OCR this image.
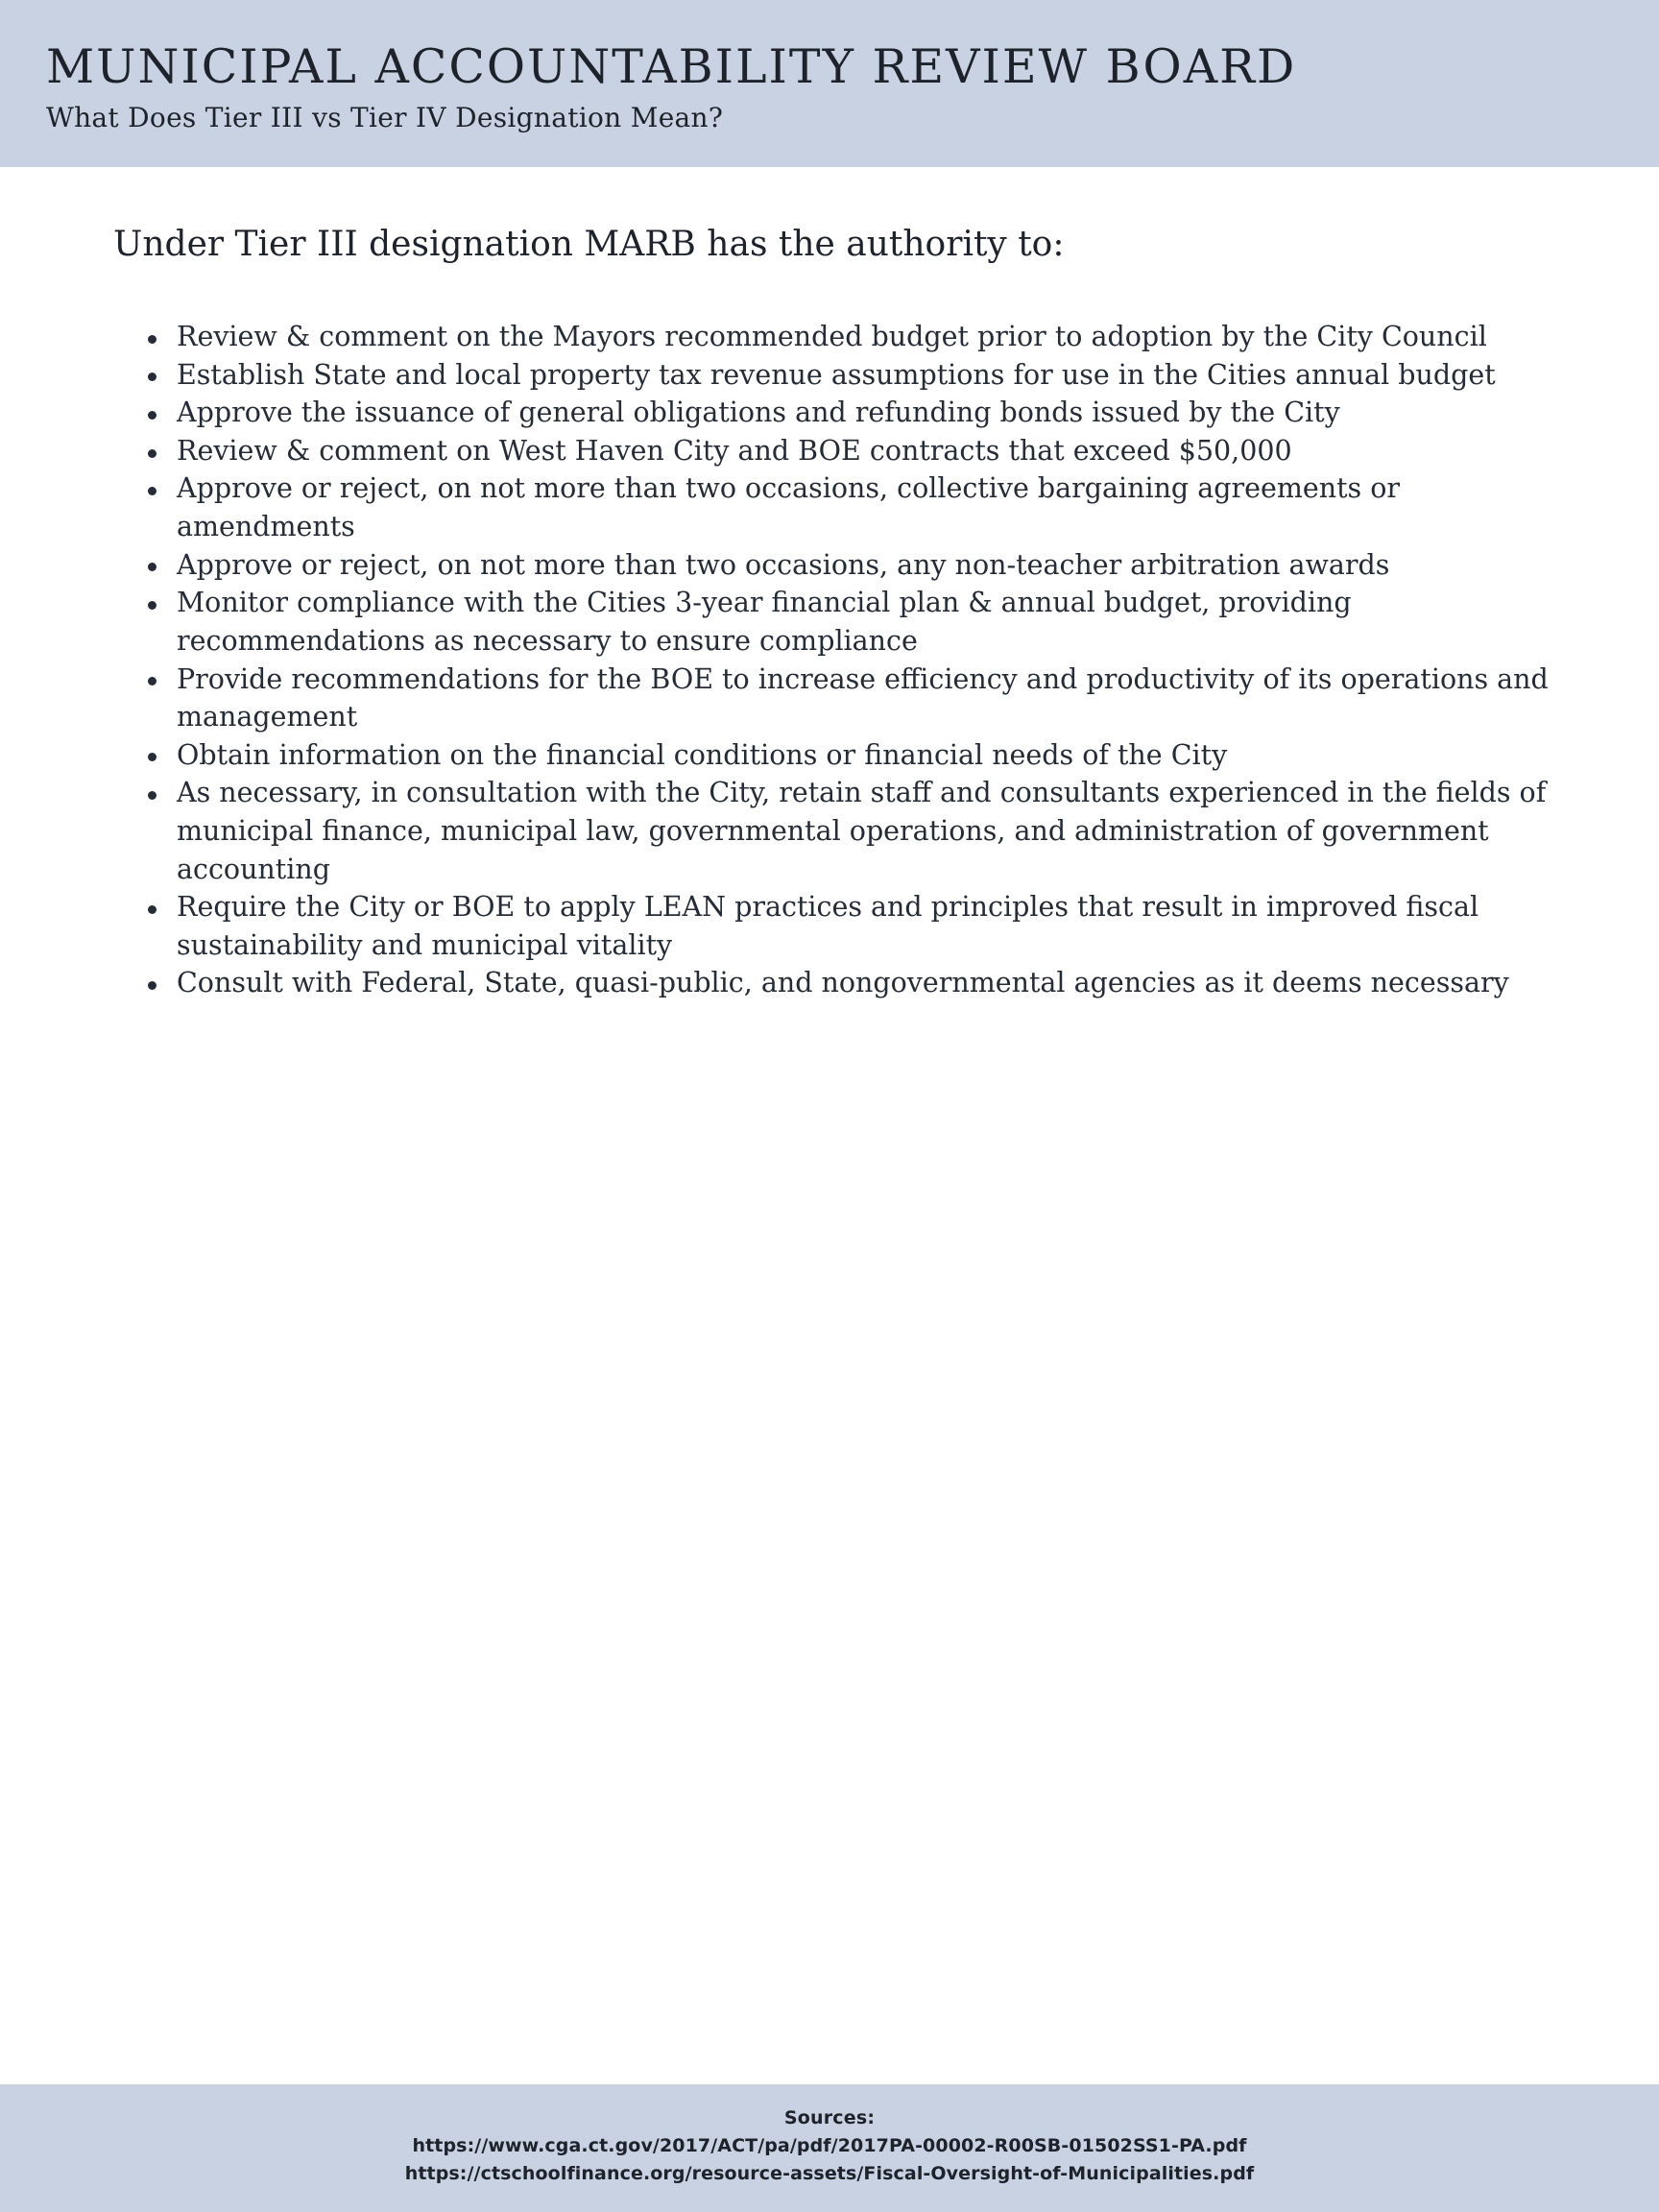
MUNICIPAL ACCOUNTABILITY REVIEW BOARD
What Does Tier III vs Tier IV Designation Mean?
Under Tier III designation MARB has the authority to:
Review & comment on the Mayors recommended budget prior to adoption by the City Council
Establish State and local property tax revenue assumptions for use in the Cities annual budget
Approve the issuance of general obligations and refunding bonds issued by the City
Review & comment on West Haven City and BOE contracts that exceed $50,000
Approve or reject, on not more than two occasions, collective bargaining agreements or amendments
Approve or reject, on not more than two occasions, any non-teacher arbitration awards
Monitor compliance with the Cities 3-year financial plan & annual budget, providing recommendations as necessary to ensure compliance
Provide recommendations for the BOE to increase efficiency and productivity of its operations and management
Obtain information on the financial conditions or financial needs of the City
As necessary, in consultation with the City, retain staff and consultants experienced in the fields of municipal finance, municipal law, governmental operations, and administration of government accounting
Require the City or BOE to apply LEAN practices and principles that result in improved fiscal sustainability and municipal vitality
Consult with Federal, State, quasi-public, and nongovernmental agencies as it deems necessary
Sources:
https://www.cga.ct.gov/2017/ACT/pa/pdf/2017PA-00002-R00SB-01502SS1-PA.pdf
https://ctschoolfinance.org/resource-assets/Fiscal-Oversight-of-Municipalities.pdf
